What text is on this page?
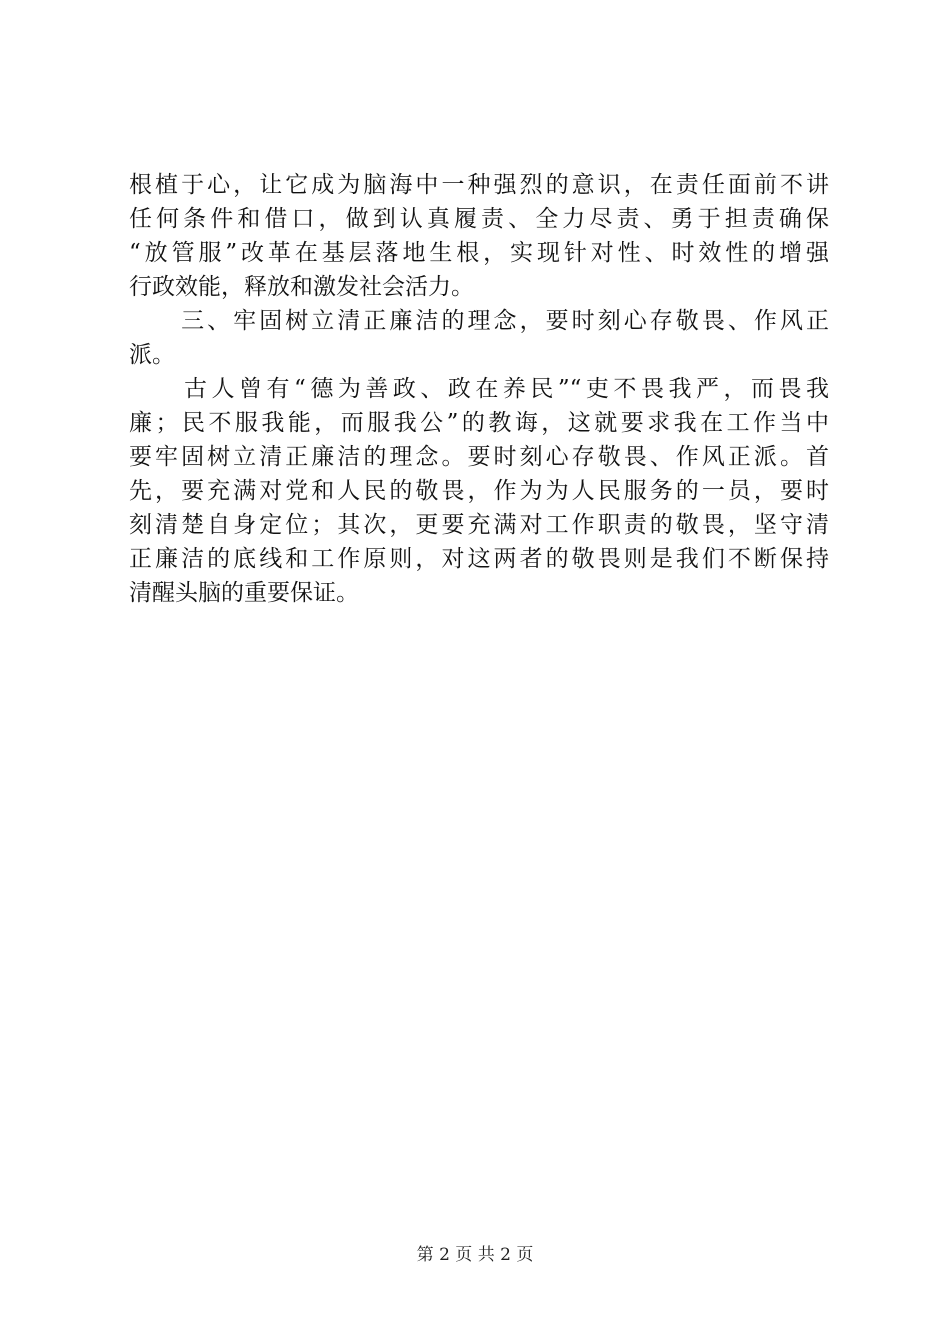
根植于心，让它成为脑海中一种强烈的意识，在责任面前不讲
任何条件和借口，做到认真履责、全力尽责、勇于担责确保
“放管服”改革在基层落地生根，实现针对性、时效性的增强
行政效能，释放和激发社会活力。
　　三、牢固树立清正廉洁的理念，要时刻心存敬畏、作风正
派。
　　古人曾有“德为善政、政在养民”“吏不畏我严，而畏我
廉；民不服我能，而服我公”的教诲，这就要求我在工作当中
要牢固树立清正廉洁的理念。要时刻心存敬畏、作风正派。首
先，要充满对党和人民的敬畏，作为为人民服务的一员，要时
刻清楚自身定位；其次，更要充满对工作职责的敬畏，坚守清
正廉洁的底线和工作原则，对这两者的敬畏则是我们不断保持
清醒头脑的重要保证。
第 2 页 共 2 页
